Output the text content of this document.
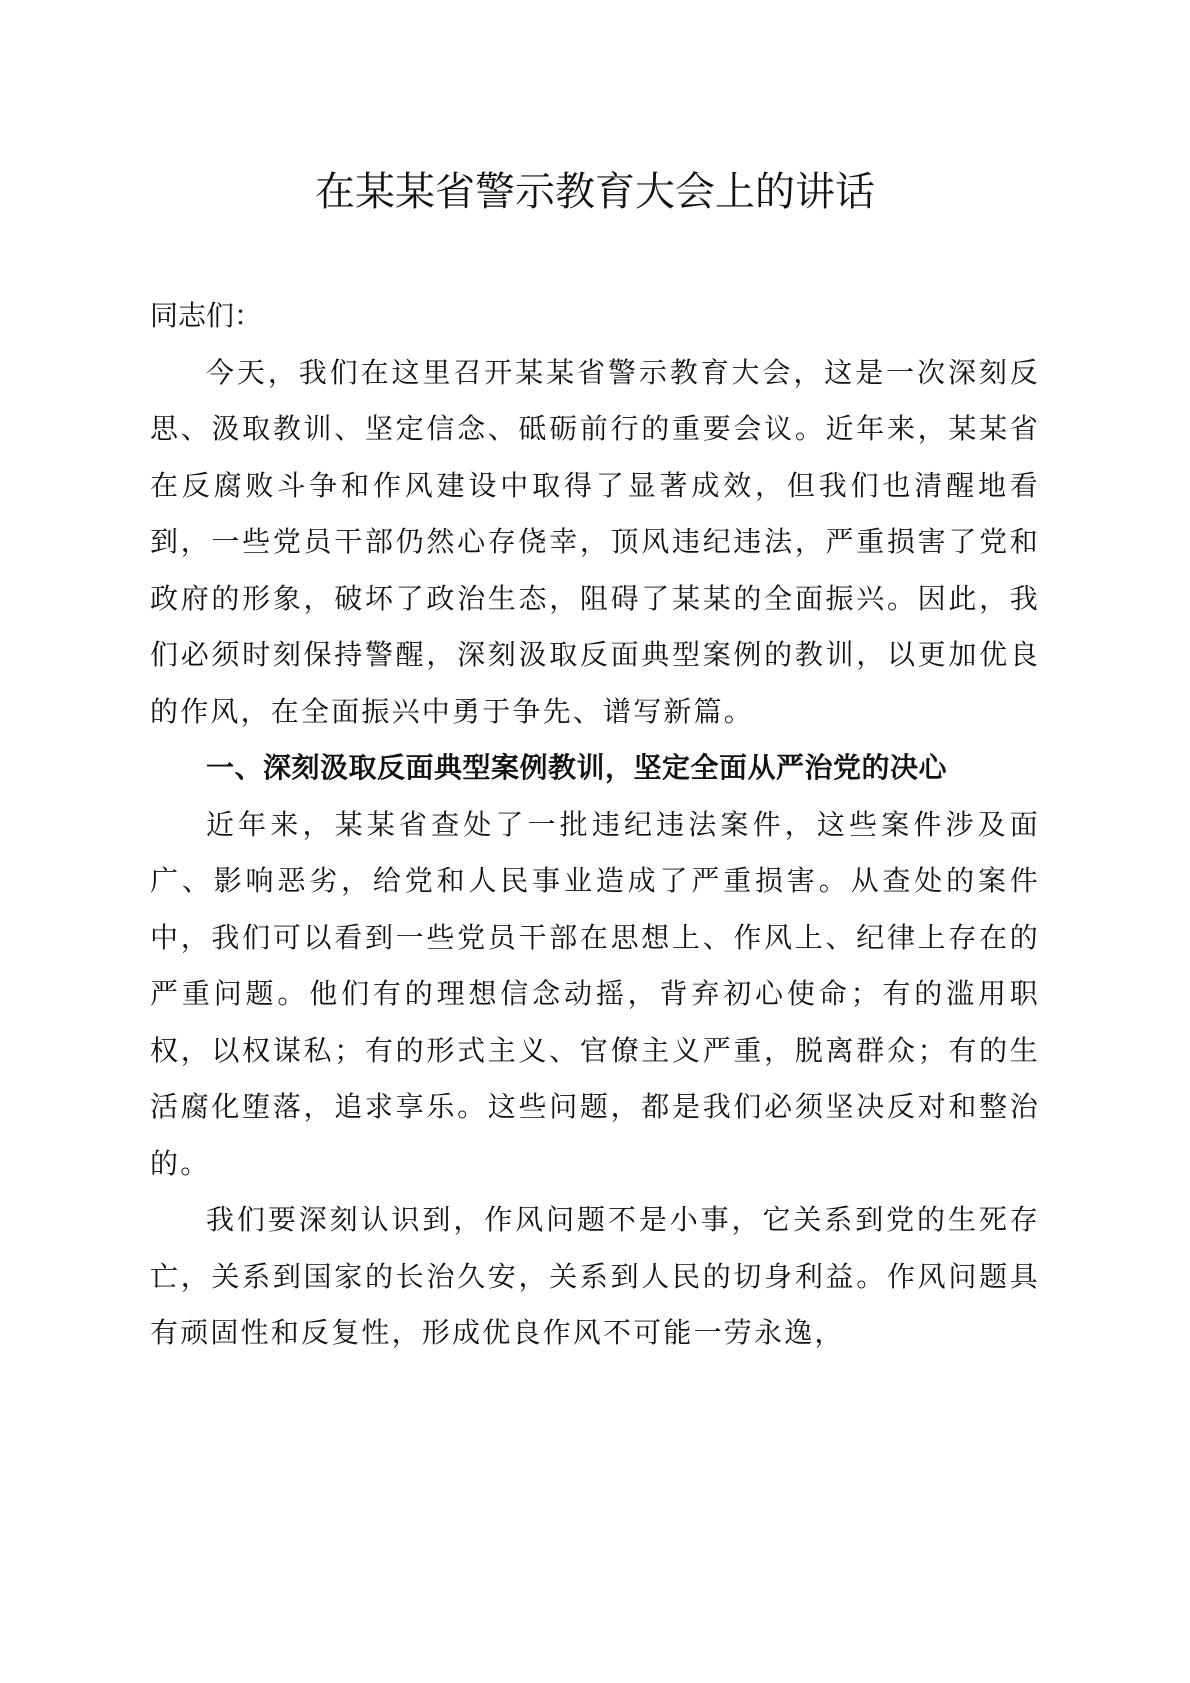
在某某省警示教育大会上的讲话

同志们：

今天，我们在这里召开某某省警示教育大会，这是一次深刻反思、汲取教训、坚定信念、砥砺前行的重要会议。近年来，某某省在反腐败斗争和作风建设中取得了显著成效，但我们也清醒地看到，一些党员干部仍然心存侥幸，顶风违纪违法，严重损害了党和政府的形象，破坏了政治生态，阻碍了某某的全面振兴。因此，我们必须时刻保持警醒，深刻汲取反面典型案例的教训，以更加优良的作风，在全面振兴中勇于争先、谱写新篇。

一、深刻汲取反面典型案例教训，坚定全面从严治党的决心

近年来，某某省查处了一批违纪违法案件，这些案件涉及面广、影响恶劣，给党和人民事业造成了严重损害。从查处的案件中，我们可以看到一些党员干部在思想上、作风上、纪律上存在的严重问题。他们有的理想信念动摇，背弃初心使命；有的滥用职权，以权谋私；有的形式主义、官僚主义严重，脱离群众；有的生活腐化堕落，追求享乐。这些问题，都是我们必须坚决反对和整治的。

我们要深刻认识到，作风问题不是小事，它关系到党的生死存亡，关系到国家的长治久安，关系到人民的切身利益。作风问题具有顽固性和反复性，形成优良作风不可能一劳永逸，
